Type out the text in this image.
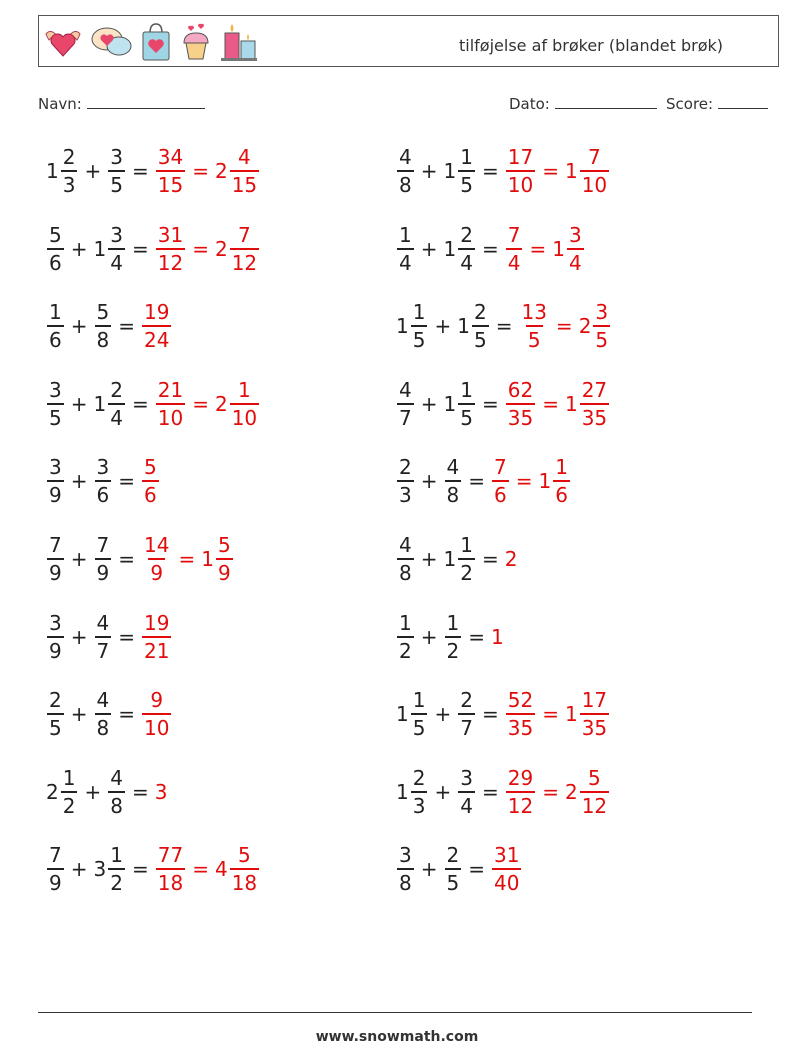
tilføjelse af brøker (blandet brøk)
Navn:	Dato:	Score:
$1 \frac{2}{3} + \frac{3}{5} = \frac{34}{15} = 2 \frac{4}{15}$	$\frac{4}{8} + 1 \frac{1}{5} = \frac{17}{10} = 1 \frac{7}{10}$
$\frac{5}{6} + 1 \frac{3}{4} = \frac{31}{12} = 2 \frac{7}{12}$	$\frac{1}{4} + 1 \frac{2}{4} = \frac{7}{4} = 1 \frac{3}{4}$
$\frac{1}{6} + \frac{5}{8} = \frac{19}{24}$	$1 \frac{1}{5} + 1 \frac{2}{5} = \frac{13}{5} = 2 \frac{3}{5}$
$\frac{3}{5} + 1 \frac{2}{4} = \frac{21}{10} = 2 \frac{1}{10}$	$\frac{4}{7} + 1 \frac{1}{5} = \frac{62}{35} = 1 \frac{27}{35}$
$\frac{3}{9} + \frac{3}{6} = \frac{5}{6}$	$\frac{2}{3} + \frac{4}{8} = \frac{7}{6} = 1 \frac{1}{6}$
$\frac{7}{9} + \frac{7}{9} = \frac{14}{9} = 1 \frac{5}{9}$	$\frac{4}{8} + 1 \frac{1}{2} = 2$
$\frac{3}{9} + \frac{4}{7} = \frac{19}{21}$	$\frac{1}{2} + \frac{1}{2} = 1$
$\frac{2}{5} + \frac{4}{8} = \frac{9}{10}$	$1 \frac{1}{5} + \frac{2}{7} = \frac{52}{35} = 1 \frac{17}{35}$
$2 \frac{1}{2} + \frac{4}{8} = 3$	$1 \frac{2}{3} + \frac{3}{4} = \frac{29}{12} = 2 \frac{5}{12}$
$\frac{7}{9} + 3 \frac{1}{2} = \frac{77}{18} = 4 \frac{5}{18}$	$\frac{3}{8} + \frac{2}{5} = \frac{31}{40}$
www.snowmath.com
